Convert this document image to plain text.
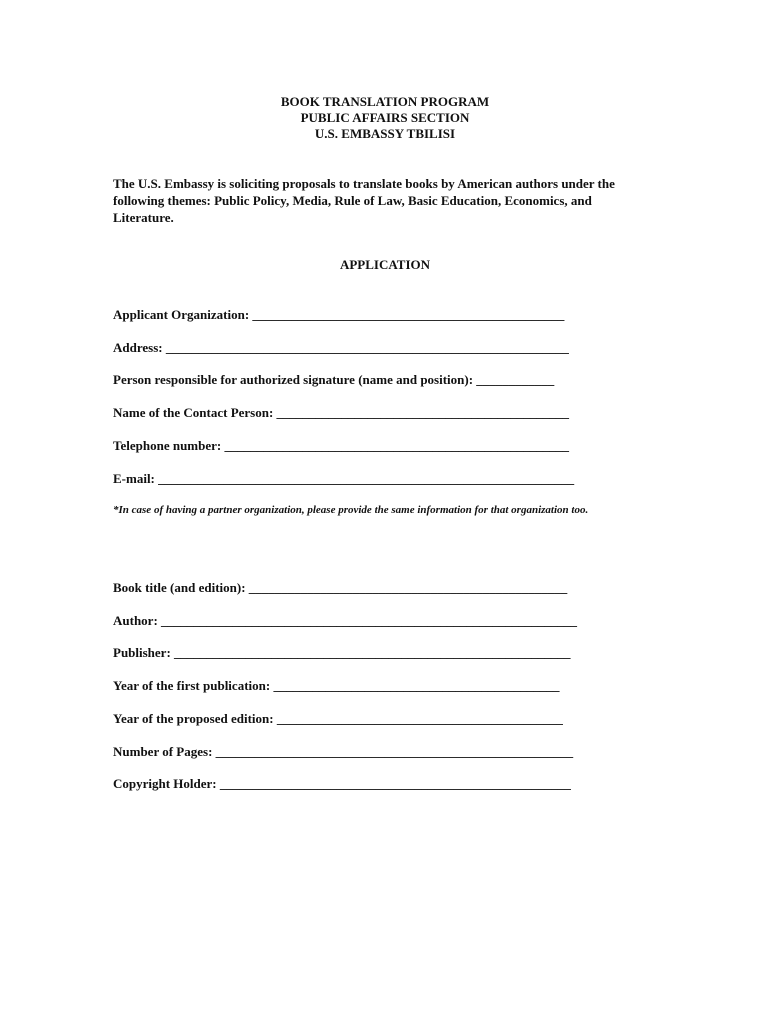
BOOK TRANSLATION PROGRAM
PUBLIC AFFAIRS SECTION
U.S. EMBASSY TBILISI
The U.S. Embassy is soliciting proposals to translate books by American authors under the
following themes: Public Policy, Media, Rule of Law, Basic Education, Economics, and
Literature.
APPLICATION
Applicant Organization: ________________________________________________
Address: ______________________________________________________________
Person responsible for authorized signature (name and position): ____________
Name of the Contact Person: _____________________________________________
Telephone number: _____________________________________________________
E-mail: ________________________________________________________________
*In case of having a partner organization, please provide the same information for that organization too.
Book title (and edition): _________________________________________________
Author: ________________________________________________________________
Publisher: _____________________________________________________________
Year of the first publication: ____________________________________________
Year of the proposed edition: ____________________________________________
Number of Pages: _______________________________________________________
Copyright Holder: ______________________________________________________
